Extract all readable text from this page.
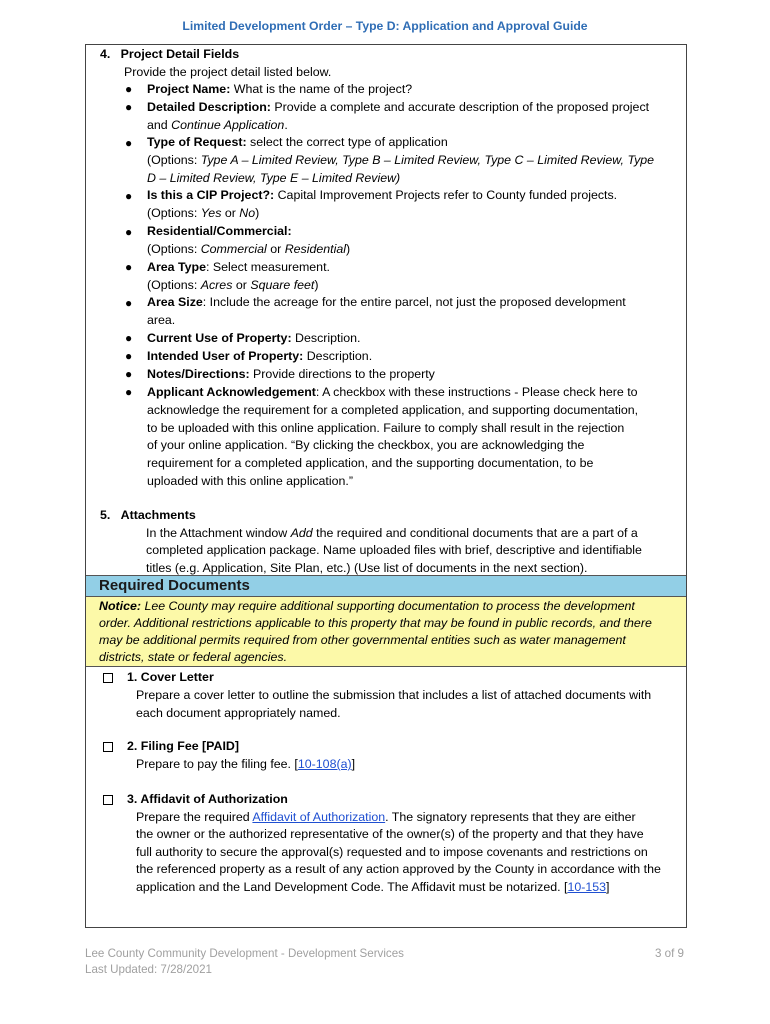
Limited Development Order – Type D: Application and Approval Guide
4.   Project Detail Fields
Provide the project detail listed below.
● Project Name: What is the name of the project?
● Detailed Description: Provide a complete and accurate description of the proposed project
and Continue Application.
● Type of Request: select the correct type of application
(Options: Type A – Limited Review, Type B – Limited Review, Type C – Limited Review, Type
D – Limited Review, Type E – Limited Review)
● Is this a CIP Project?: Capital Improvement Projects refer to County funded projects.
(Options: Yes or No)
● Residential/Commercial:
(Options: Commercial or Residential)
● Area Type: Select measurement.
(Options: Acres or Square feet)
● Area Size: Include the acreage for the entire parcel, not just the proposed development
area.
● Current Use of Property: Description.
● Intended User of Property: Description.
● Notes/Directions: Provide directions to the property
● Applicant Acknowledgement: A checkbox with these instructions - Please check here to
acknowledge the requirement for a completed application, and supporting documentation,
to be uploaded with this online application. Failure to comply shall result in the rejection
of your online application. “By clicking the checkbox, you are acknowledging the
requirement for a completed application, and the supporting documentation, to be
uploaded with this online application.”
5.   Attachments
In the Attachment window Add the required and conditional documents that are a part of a
completed application package. Name uploaded files with brief, descriptive and identifiable
titles (e.g. Application, Site Plan, etc.) (Use list of documents in the next section).
Required Documents
Notice: Lee County may require additional supporting documentation to process the development
order. Additional restrictions applicable to this property that may be found in public records, and there
may be additional permits required from other governmental entities such as water management
districts, state or federal agencies.
1. Cover Letter
Prepare a cover letter to outline the submission that includes a list of attached documents with
each document appropriately named.
2. Filing Fee [PAID]
Prepare to pay the filing fee. [10-108(a)]
3. Affidavit of Authorization
Prepare the required Affidavit of Authorization. The signatory represents that they are either
the owner or the authorized representative of the owner(s) of the property and that they have
full authority to secure the approval(s) requested and to impose covenants and restrictions on
the referenced property as a result of any action approved by the County in accordance with the
application and the Land Development Code. The Affidavit must be notarized. [10-153]
Lee County Community Development - Development Services
Last Updated: 7/28/2021
3 of 9
